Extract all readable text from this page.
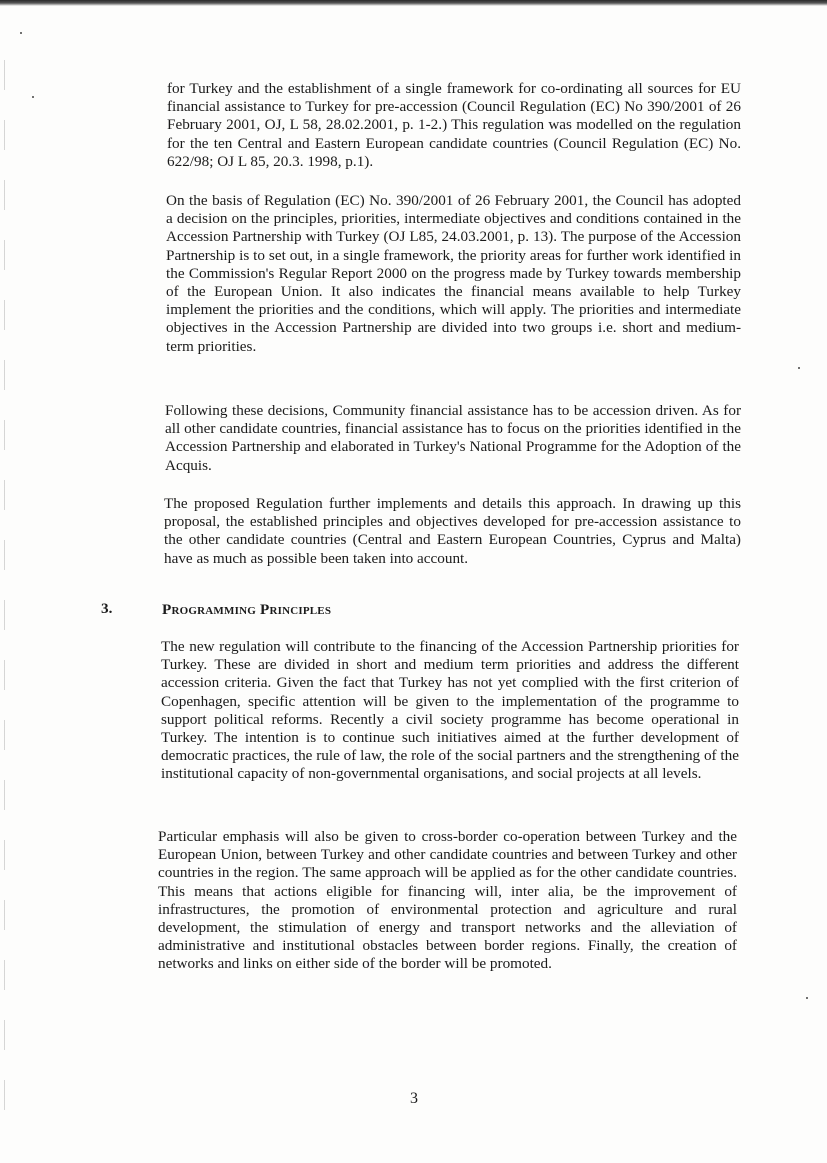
for Turkey and the establishment of a single framework for co-ordinating all sources for EU financial assistance to Turkey for pre-accession (Council Regulation (EC) No 390/2001 of 26 February 2001, OJ, L 58, 28.02.2001, p. 1-2.) This regulation was modelled on the regulation for the ten Central and Eastern European candidate countries (Council Regulation (EC) No. 622/98; OJ L 85, 20.3. 1998, p.1).

On the basis of Regulation (EC) No. 390/2001 of 26 February 2001, the Council has adopted a decision on the principles, priorities, intermediate objectives and conditions contained in the Accession Partnership with Turkey (OJ L85, 24.03.2001, p. 13). The purpose of the Accession Partnership is to set out, in a single framework, the priority areas for further work identified in the Commission's Regular Report 2000 on the progress made by Turkey towards membership of the European Union. It also indicates the financial means available to help Turkey implement the priorities and the conditions, which will apply. The priorities and intermediate objectives in the Accession Partnership are divided into two groups i.e. short and medium-term priorities.

Following these decisions, Community financial assistance has to be accession driven. As for all other candidate countries, financial assistance has to focus on the priorities identified in the Accession Partnership and elaborated in Turkey's National Programme for the Adoption of the Acquis.

The proposed Regulation further implements and details this approach. In drawing up this proposal, the established principles and objectives developed for pre-accession assistance to the other candidate countries (Central and Eastern European Countries, Cyprus and Malta) have as much as possible been taken into account.

3.	Programming Principles

The new regulation will contribute to the financing of the Accession Partnership priorities for Turkey. These are divided in short and medium term priorities and address the different accession criteria. Given the fact that Turkey has not yet complied with the first criterion of Copenhagen, specific attention will be given to the implementation of the programme to support political reforms. Recently a civil society programme has become operational in Turkey. The intention is to continue such initiatives aimed at the further development of democratic practices, the rule of law, the role of the social partners and the strengthening of the institutional capacity of non-governmental organisations, and social projects at all levels.

Particular emphasis will also be given to cross-border co-operation between Turkey and the European Union, between Turkey and other candidate countries and between Turkey and other countries in the region. The same approach will be applied as for the other candidate countries. This means that actions eligible for financing will, inter alia, be the improvement of infrastructures, the promotion of environmental protection and agriculture and rural development, the stimulation of energy and transport networks and the alleviation of administrative and institutional obstacles between border regions. Finally, the creation of networks and links on either side of the border will be promoted.

3
